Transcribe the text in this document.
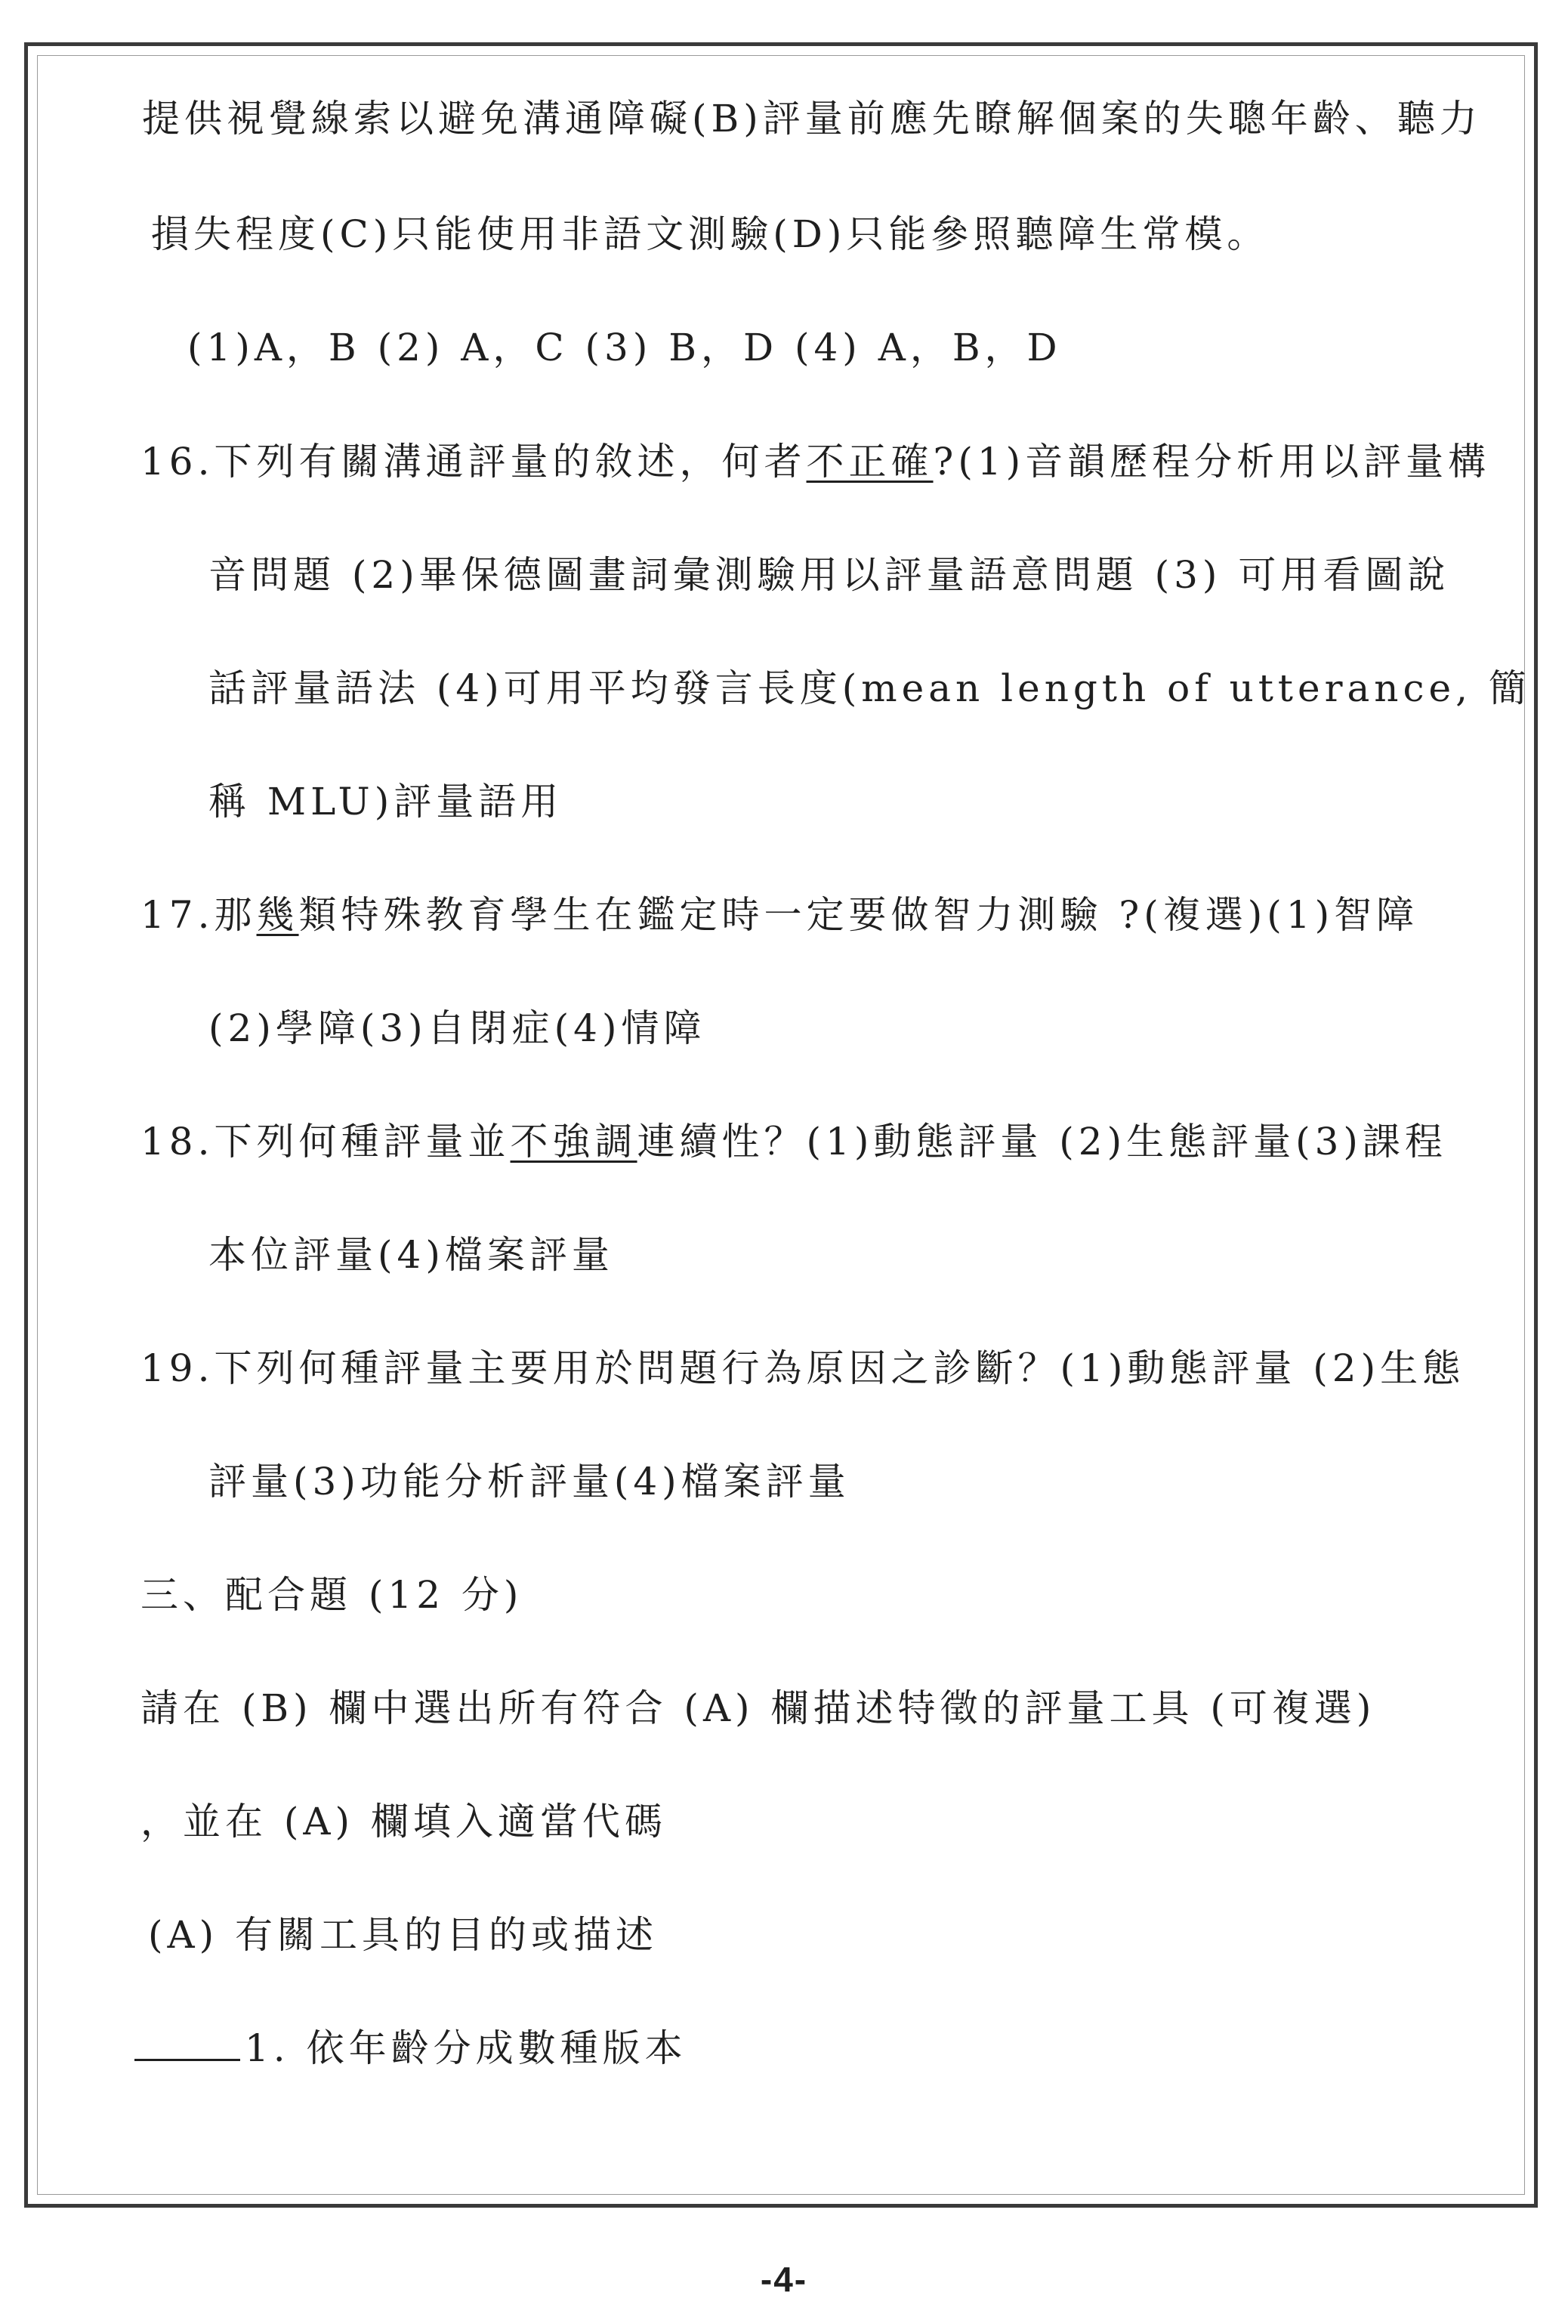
提供視覺線索以避免溝通障礙(B)評量前應先瞭解個案的失聰年齡、聽力
損失程度(C)只能使用非語文測驗(D)只能參照聽障生常模。
(1)A，B (2) A，C (3) B，D (4) A，B，D
16.下列有關溝通評量的敘述，何者不正確?(1)音韻歷程分析用以評量構
音問題 (2)畢保德圖畫詞彙測驗用以評量語意問題 (3) 可用看圖說
話評量語法 (4)可用平均發言長度(mean length of utterance, 簡
稱 MLU)評量語用
17.那幾類特殊教育學生在鑑定時一定要做智力測驗 ?(複選)(1)智障
(2)學障(3)自閉症(4)情障
18.下列何種評量並不強調連續性？(1)動態評量 (2)生態評量(3)課程
本位評量(4)檔案評量
19.下列何種評量主要用於問題行為原因之診斷？(1)動態評量 (2)生態
評量(3)功能分析評量(4)檔案評量
三、配合題 (12 分)
請在 (B) 欄中選出所有符合 (A) 欄描述特徵的評量工具 (可複選)
，並在 (A) 欄填入適當代碼
(A) 有關工具的目的或描述
1. 依年齡分成數種版本
-4-
